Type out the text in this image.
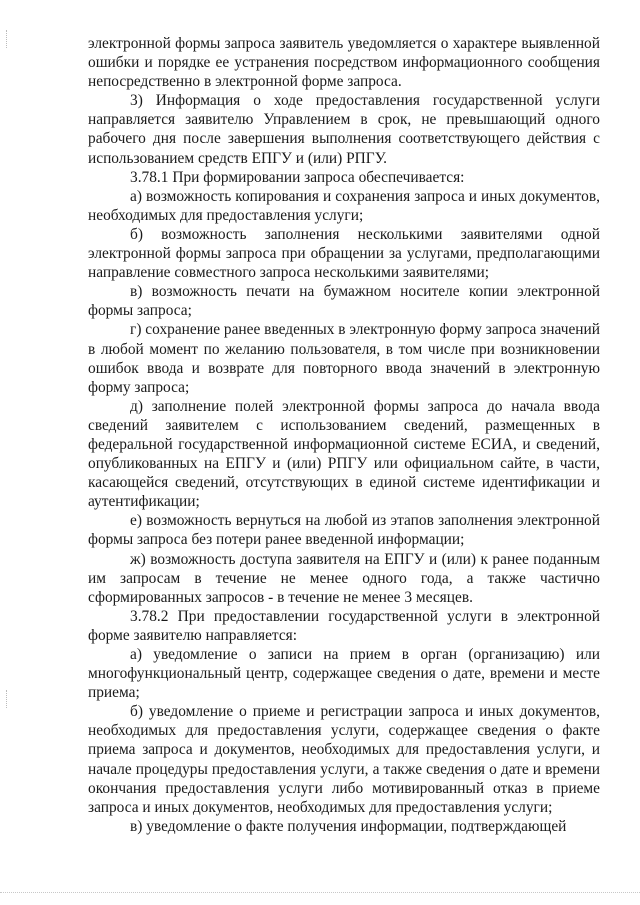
электронной формы запроса заявитель уведомляется о характере выявленной ошибки и порядке ее устранения посредством информационного сообщения непосредственно в электронной форме запроса.

3) Информация о ходе предоставления государственной услуги направляется заявителю Управлением в срок, не превышающий одного рабочего дня после завершения выполнения соответствующего действия с использованием средств ЕПГУ и (или) РПГУ.

3.78.1 При формировании запроса обеспечивается:

а) возможность копирования и сохранения запроса и иных документов, необходимых для предоставления услуги;

б) возможность заполнения несколькими заявителями одной электронной формы запроса при обращении за услугами, предполагающими направление совместного запроса несколькими заявителями;

в) возможность печати на бумажном носителе копии электронной формы запроса;

г) сохранение ранее введенных в электронную форму запроса значений в любой момент по желанию пользователя, в том числе при возникновении ошибок ввода и возврате для повторного ввода значений в электронную форму запроса;

д) заполнение полей электронной формы запроса до начала ввода сведений заявителем с использованием сведений, размещенных в федеральной государственной информационной системе ЕСИА, и сведений, опубликованных на ЕПГУ и (или) РПГУ или официальном сайте, в части, касающейся сведений, отсутствующих в единой системе идентификации и аутентификации;

е) возможность вернуться на любой из этапов заполнения электронной формы запроса без потери ранее введенной информации;

ж) возможность доступа заявителя на ЕПГУ и (или) к ранее поданным им запросам в течение не менее одного года, а также частично сформированных запросов - в течение не менее 3 месяцев.

3.78.2 При предоставлении государственной услуги в электронной форме заявителю направляется:

а) уведомление о записи на прием в орган (организацию) или многофункциональный центр, содержащее сведения о дате, времени и месте приема;

б) уведомление о приеме и регистрации запроса и иных документов, необходимых для предоставления услуги, содержащее сведения о факте приема запроса и документов, необходимых для предоставления услуги, и начале процедуры предоставления услуги, а также сведения о дате и времени окончания предоставления услуги либо мотивированный отказ в приеме запроса и иных документов, необходимых для предоставления услуги;

в) уведомление о факте получения информации, подтверждающей
